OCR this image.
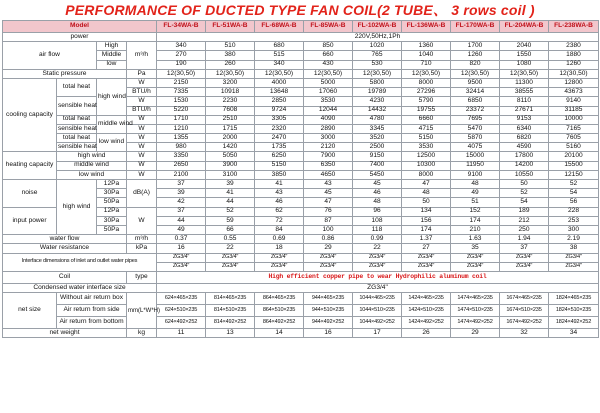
PERFORMANCE OF DUCTED TYPE FAN COIL(2 TUBE、 3 rows coil )
Model				FL-34WA-B	FL-51WA-B	FL-68WA-B	FL-85WA-B	FL-102WA-B	FL-136WA-B	FL-170WA-B	FL-204WA-B	FL-238WA-B
power				220V,50Hz,1Ph								
air flow		High	m³/h	340	510	680	850	1020	1360	1700	2040	2380
		Middle		270	380	515	660	765	1040	1260	1550	1880
		low		190	260	340	430	530	710	820	1080	1260
Static pressure			Pa	12(30,50)	12(30,50)	12(30,50)	12(30,50)	12(30,50)	12(30,50)	12(30,50)	12(30,50)	12(30,50)
cooling capacity	total heat	high wind	W	2150	3200	4000	5000	5800	8000	9500	11300	12800
			BTU/h	7335	10918	13648	17060	19789	27296	32414	38555	43673
	sensible heat		W	1530	2230	2850	3530	4230	5790	6850	8110	9140
			BTU/h	5220	7608	9724	12044	14432	19755	23372	27671	31185
	total heat	middle wind	W	1710	2510	3305	4090	4780	6660	7695	9153	10000
	sensible heat		W	1210	1715	2320	2890	3345	4715	5470	6340	7165
	total heat	low wind	W	1355	2000	2470	3000	3520	5150	5870	6820	7605
	sensible heat		W	980	1420	1735	2120	2500	3530	4075	4590	5160
heating capacity	high wind		W	3350	5050	6250	7900	9150	12500	15000	17800	20100
	middle wind		W	2650	3900	5150	6350	7400	10300	11950	14200	15500
	low wind		W	2100	3100	3850	4650	5450	8000	9100	10550	12150
noise	high wind	12Pa	dB(A)	37	39	41	43	45	47	48	50	52
		30Pa		39	41	43	45	46	48	49	52	54
		50Pa		42	44	46	47	48	50	51	54	56
input power		12Pa	W	37	52	62	76	96	134	152	189	228
		30Pa		44	59	72	87	108	156	174	212	253
		50Pa		49	66	84	100	118	174	210	250	300
water flow			m³/h	0.37	0.55	0.69	0.86	0.99	1.37	1.63	1.94	2.19
Water resistance			kPa	16	22	18	29	22	27	35	37	38
Interface dimensions of inlet and outlet water pipes				ZG3/4"	ZG3/4"	ZG3/4"	ZG3/4"	ZG3/4"	ZG3/4"	ZG3/4"	ZG3/4"	ZG3/4"
				ZG3/4"	ZG3/4"	ZG3/4"	ZG3/4"	ZG3/4"	ZG3/4"	ZG3/4"	ZG3/4"	ZG3/4"
Coil			type	High efficient copper pipe to wear Hydrophilic aluminum coil								
Condensed water interface size				ZG3/4"								
net size	Without air return box		mm(L*W*H)	624×465×235	814×465×235	864×465×235	944×465×235	1044×465×235	1424×465×235	1474×465×235	1674×465×235	1824×465×235
	Air return from side			624×510×235	814×510×235	864×510×235	944×510×235	1044×510×235	1424×510×235	1474×510×235	1674×510×235	1824×510×235
	Air return from bottom			624×492×252	814×492×252	864×492×252	944×492×252	1044×492×252	1424×492×252	1474×492×252	1674×492×252	1824×492×252
net weight			kg	11	13	14	16	17	26	29	32	34
